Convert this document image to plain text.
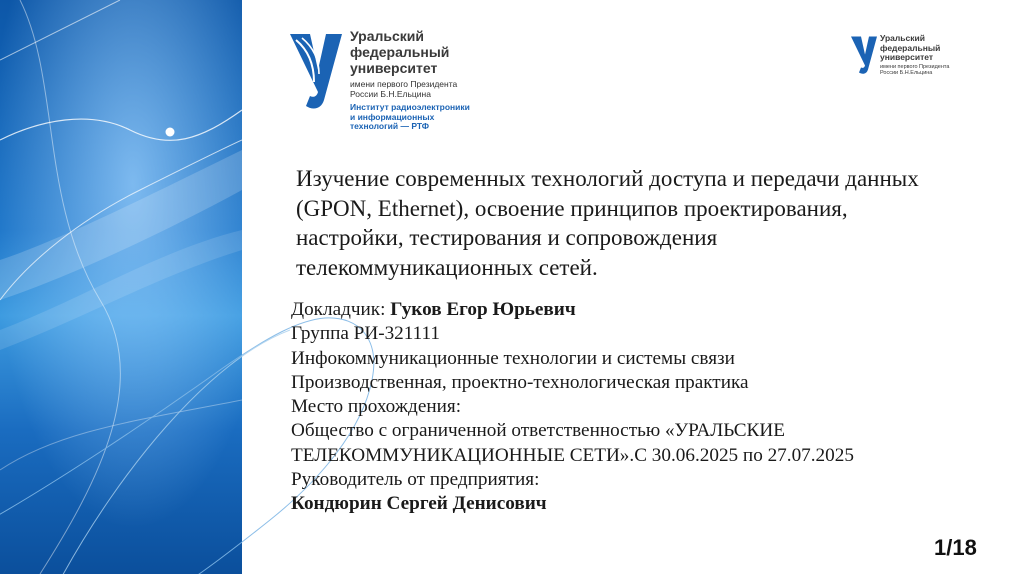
Уральский
федеральный
университет
имени первого Президента
России Б.Н.Ельцина
Институт радиоэлектроники
и информационных
технологий — РТФ
Уральский
федеральный
университет
имени первого Президента
России Б.Н.Ельцина
Изучение современных технологий доступа и передачи данных
(GPON, Ethernet), освоение принципов проектирования,
настройки, тестирования и сопровождения
телекоммуникационных сетей.
Докладчик: Гуков Егор Юрьевич
Группа РИ-321111
Инфокоммуникационные технологии и системы связи
Производственная, проектно-технологическая практика
Место прохождения:
Общество с ограниченной ответственностью «УРАЛЬСКИЕ
ТЕЛЕКОММУНИКАЦИОННЫЕ СЕТИ».С 30.06.2025 по 27.07.2025
Руководитель от предприятия:
Кондюрин Сергей Денисович
1/18
